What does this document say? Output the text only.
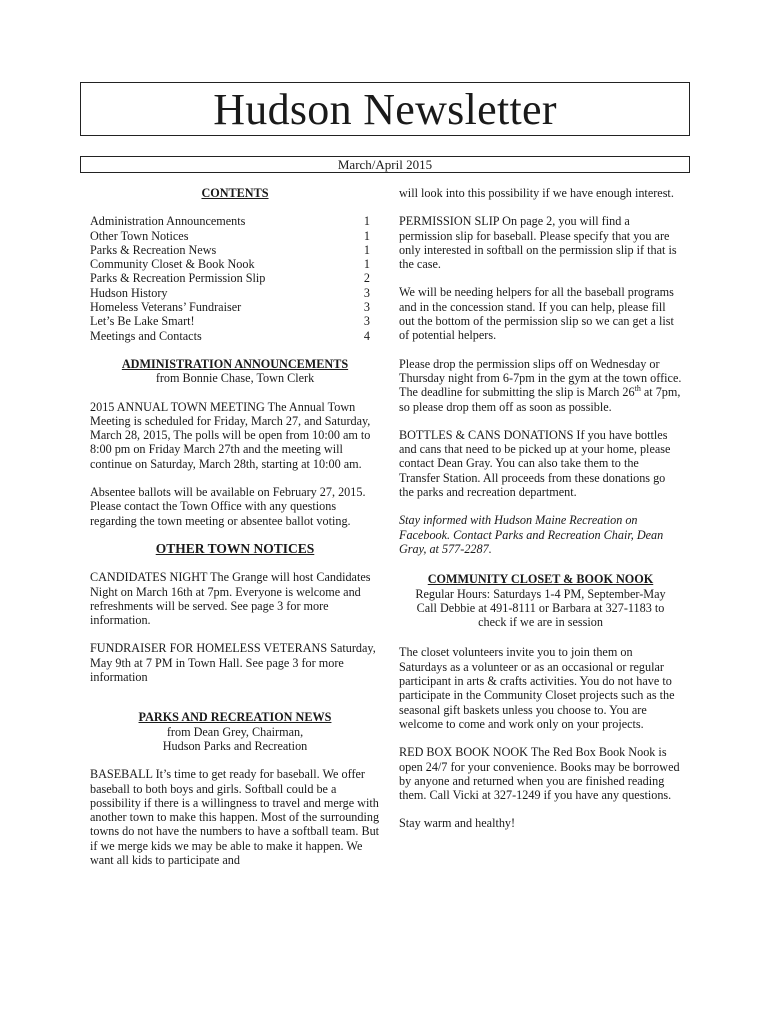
Hudson Newsletter
March/April 2015

CONTENTS

Administration Announcements	1
Other Town Notices	1
Parks & Recreation News	1
Community Closet & Book Nook	1
Parks & Recreation Permission Slip	2
Hudson History	3
Homeless Veterans’ Fundraiser	3
Let’s Be Lake Smart!	3
Meetings and Contacts	4

ADMINISTRATION ANNOUNCEMENTS

from Bonnie Chase, Town Clerk

2015 ANNUAL TOWN MEETING The Annual Town Meeting is scheduled for Friday, March 27, and Saturday, March 28, 2015, The polls will be open from 10:00 am to 8:00 pm on Friday March 27th and the meeting will continue on Saturday, March 28th, starting at 10:00 am.

Absentee ballots will be available on February 27, 2015. Please contact the Town Office with any questions regarding the town meeting or absentee ballot voting.

OTHER TOWN NOTICES

CANDIDATES NIGHT The Grange will host Candidates Night on March 16th at 7pm. Everyone is welcome and refreshments will be served. See page 3 for more information.

FUNDRAISER FOR HOMELESS VETERANS Saturday, May 9th at 7 PM in Town Hall. See page 3 for more information

PARKS AND RECREATION NEWS

from Dean Grey, Chairman,

Hudson Parks and Recreation

BASEBALL It’s time to get ready for baseball. We offer baseball to both boys and girls. Softball could be a possibility if there is a willingness to travel and merge with another town to make this happen. Most of the surrounding towns do not have the numbers to have a softball team. But if we merge kids we may be able to make it happen. We want all kids to participate and

will look into this possibility if we have enough interest.

PERMISSION SLIP On page 2, you will find a permission slip for baseball. Please specify that you are only interested in softball on the permission slip if that is the case.

We will be needing helpers for all the baseball programs and in the concession stand. If you can help, please fill out the bottom of the permission slip so we can get a list of potential helpers.

Please drop the permission slips off on Wednesday or Thursday night from 6-7pm in the gym at the town office. The deadline for submitting the slip is March 26th at 7pm, so please drop them off as soon as possible.

BOTTLES & CANS DONATIONS If you have bottles and cans that need to be picked up at your home, please contact Dean Gray. You can also take them to the Transfer Station. All proceeds from these donations go the parks and recreation department.

Stay informed with Hudson Maine Recreation on Facebook. Contact Parks and Recreation Chair, Dean Gray, at 577-2287.

COMMUNITY CLOSET & BOOK NOOK

Regular Hours: Saturdays 1-4 PM, September-May

Call Debbie at 491-8111 or Barbara at 327-1183 to

check if we are in session

The closet volunteers invite you to join them on Saturdays as a volunteer or as an occasional or regular participant in arts & crafts activities. You do not have to participate in the Community Closet projects such as the seasonal gift baskets unless you choose to. You are welcome to come and work only on your projects.

RED BOX BOOK NOOK The Red Box Book Nook is open 24/7 for your convenience. Books may be borrowed by anyone and returned when you are finished reading them. Call Vicki at 327-1249 if you have any questions.

Stay warm and healthy!
